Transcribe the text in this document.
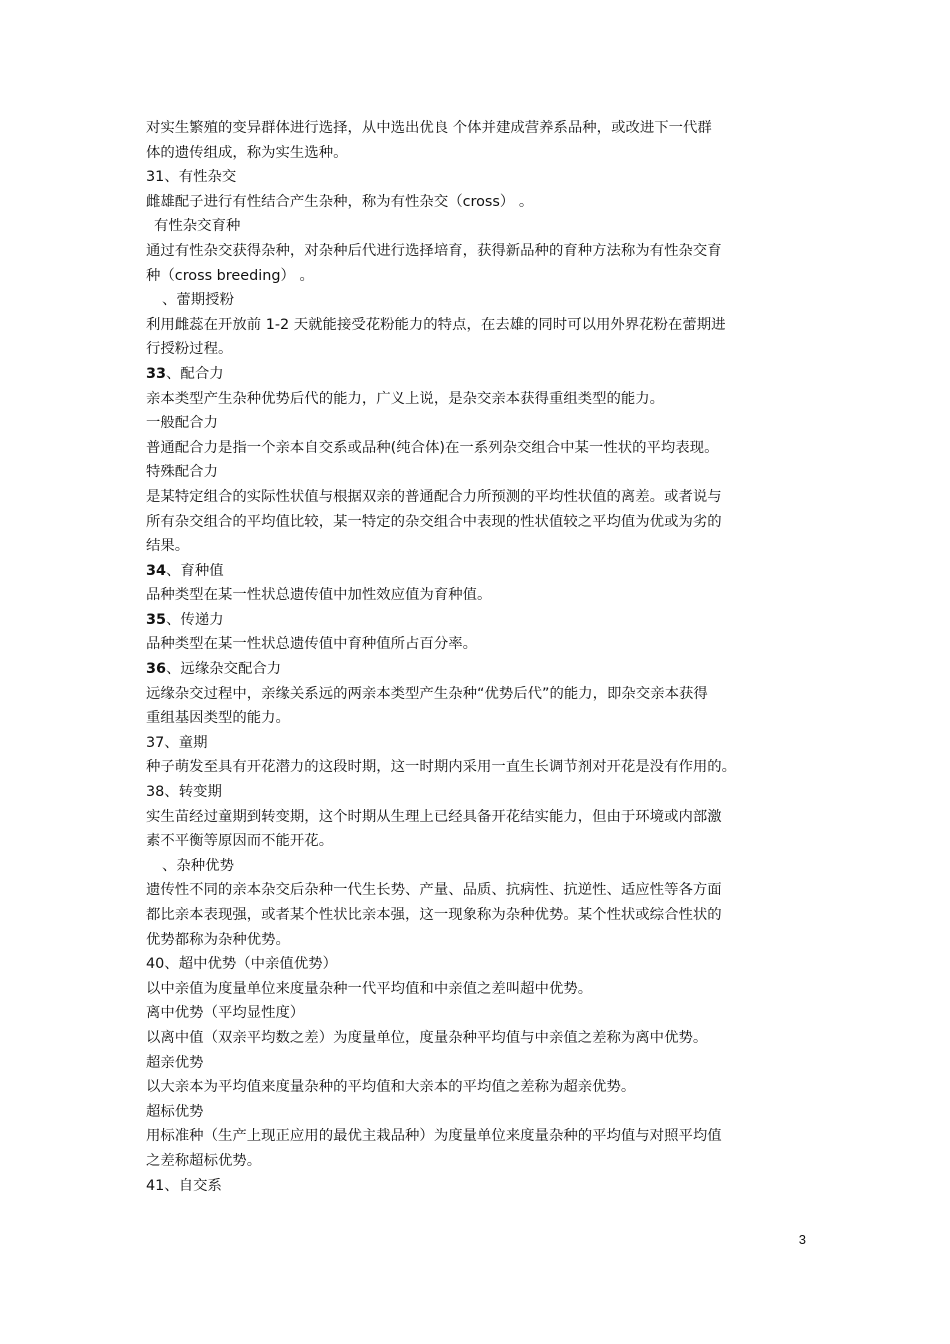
对实生繁殖的变异群体进行选择，从中选出优良 个体并建成营养系品种，或改进下一代群
体的遗传组成，称为实生选种。
31、有性杂交
雌雄配子进行有性结合产生杂种，称为有性杂交（cross） 。
有性杂交育种
通过有性杂交获得杂种，对杂种后代进行选择培育，获得新品种的育种方法称为有性杂交育
种（cross breeding） 。
、蕾期授粉
利用雌蕊在开放前 1-2 天就能接受花粉能力的特点，在去雄的同时可以用外界花粉在蕾期进
行授粉过程。
33、配合力
亲本类型产生杂种优势后代的能力，广义上说，是杂交亲本获得重组类型的能力。
一般配合力
普通配合力是指一个亲本自交系或品种(纯合体)在一系列杂交组合中某一性状的平均表现。
特殊配合力
是某特定组合的实际性状值与根据双亲的普通配合力所预测的平均性状值的离差。或者说与
所有杂交组合的平均值比较，某一特定的杂交组合中表现的性状值较之平均值为优或为劣的
结果。
34、育种值
品种类型在某一性状总遗传值中加性效应值为育种值。
35、传递力
品种类型在某一性状总遗传值中育种值所占百分率。
36、远缘杂交配合力
远缘杂交过程中，亲缘关系远的两亲本类型产生杂种“优势后代”的能力，即杂交亲本获得
重组基因类型的能力。
37、童期
种子萌发至具有开花潜力的这段时期，这一时期内采用一直生长调节剂对开花是没有作用的。
38、转变期
实生苗经过童期到转变期，这个时期从生理上已经具备开花结实能力，但由于环境或内部激
素不平衡等原因而不能开花。
、杂种优势
遗传性不同的亲本杂交后杂种一代生长势、产量、品质、抗病性、抗逆性、适应性等各方面
都比亲本表现强，或者某个性状比亲本强，这一现象称为杂种优势。某个性状或综合性状的
优势都称为杂种优势。
40、超中优势（中亲值优势）
以中亲值为度量单位来度量杂种一代平均值和中亲值之差叫超中优势。
离中优势（平均显性度）
以离中值（双亲平均数之差）为度量单位，度量杂种平均值与中亲值之差称为离中优势。
超亲优势
以大亲本为平均值来度量杂种的平均值和大亲本的平均值之差称为超亲优势。
超标优势
用标准种（生产上现正应用的最优主栽品种）为度量单位来度量杂种的平均值与对照平均值
之差称超标优势。
41、自交系
3
